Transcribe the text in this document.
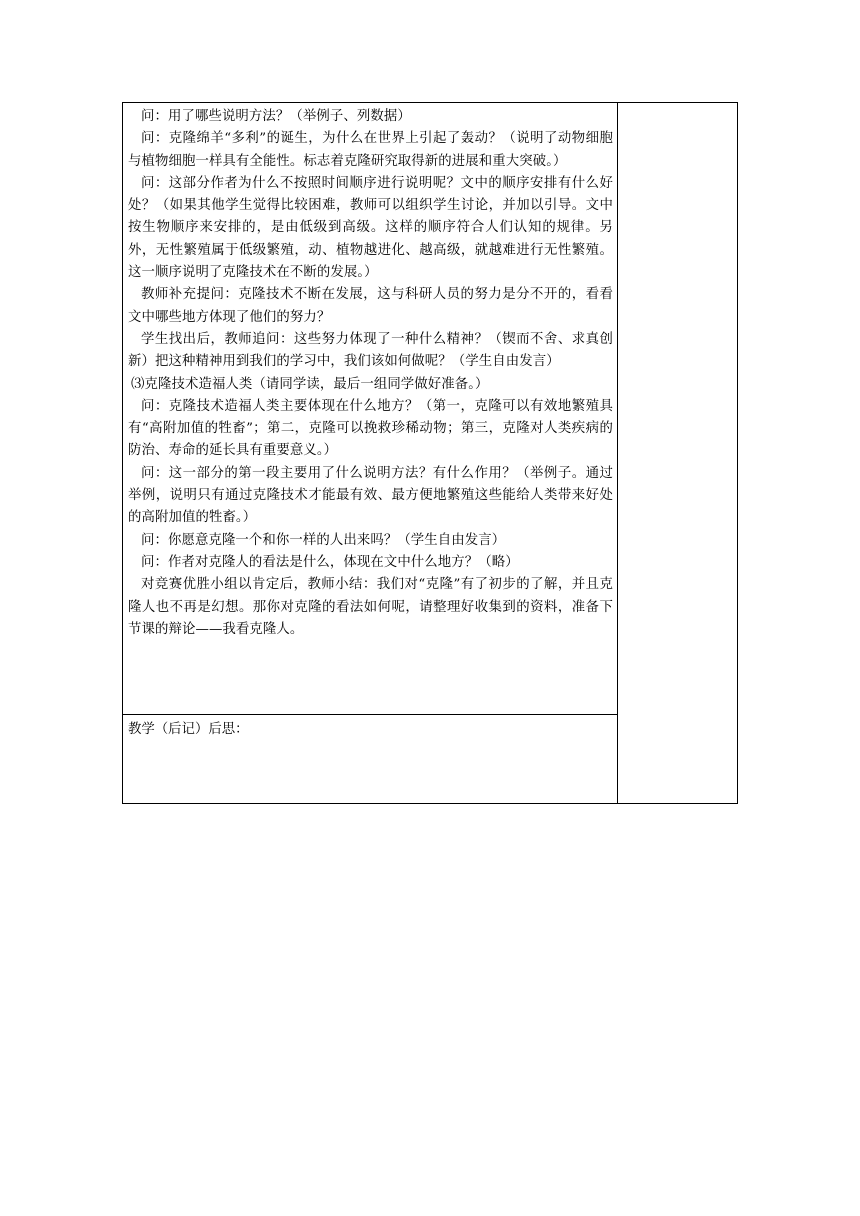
问：用了哪些说明方法？（举例子、列数据）

问：克隆绵羊“多利”的诞生，为什么在世界上引起了轰动？（说明了动物细胞与植物细胞一样具有全能性。标志着克隆研究取得新的进展和重大突破。）

问：这部分作者为什么不按照时间顺序进行说明呢？文中的顺序安排有什么好处？（如果其他学生觉得比较困难，教师可以组织学生讨论，并加以引导。文中按生物顺序来安排的，是由低级到高级。这样的顺序符合人们认知的规律。另外，无性繁殖属于低级繁殖，动、植物越进化、越高级，就越难进行无性繁殖。这一顺序说明了克隆技术在不断的发展。）

教师补充提问：克隆技术不断在发展，这与科研人员的努力是分不开的，看看文中哪些地方体现了他们的努力？

学生找出后，教师追问：这些努力体现了一种什么精神？（锲而不舍、求真创新）把这种精神用到我们的学习中，我们该如何做呢？（学生自由发言）

⑶克隆技术造福人类（请同学读，最后一组同学做好准备。）

问：克隆技术造福人类主要体现在什么地方？（第一，克隆可以有效地繁殖具有“高附加值的牲畜”；第二，克隆可以挽救珍稀动物；第三，克隆对人类疾病的防治、寿命的延长具有重要意义。）

问：这一部分的第一段主要用了什么说明方法？有什么作用？（举例子。通过举例，说明只有通过克隆技术才能最有效、最方便地繁殖这些能给人类带来好处的高附加值的牲畜。）

问：你愿意克隆一个和你一样的人出来吗？（学生自由发言）

问：作者对克隆人的看法是什么，体现在文中什么地方？（略）

对竞赛优胜小组以肯定后，教师小结：我们对“克隆”有了初步的了解，并且克隆人也不再是幻想。那你对克隆的看法如何呢，请整理好收集到的资料，准备下节课的辩论——我看克隆人。

教学（后记）后思：
